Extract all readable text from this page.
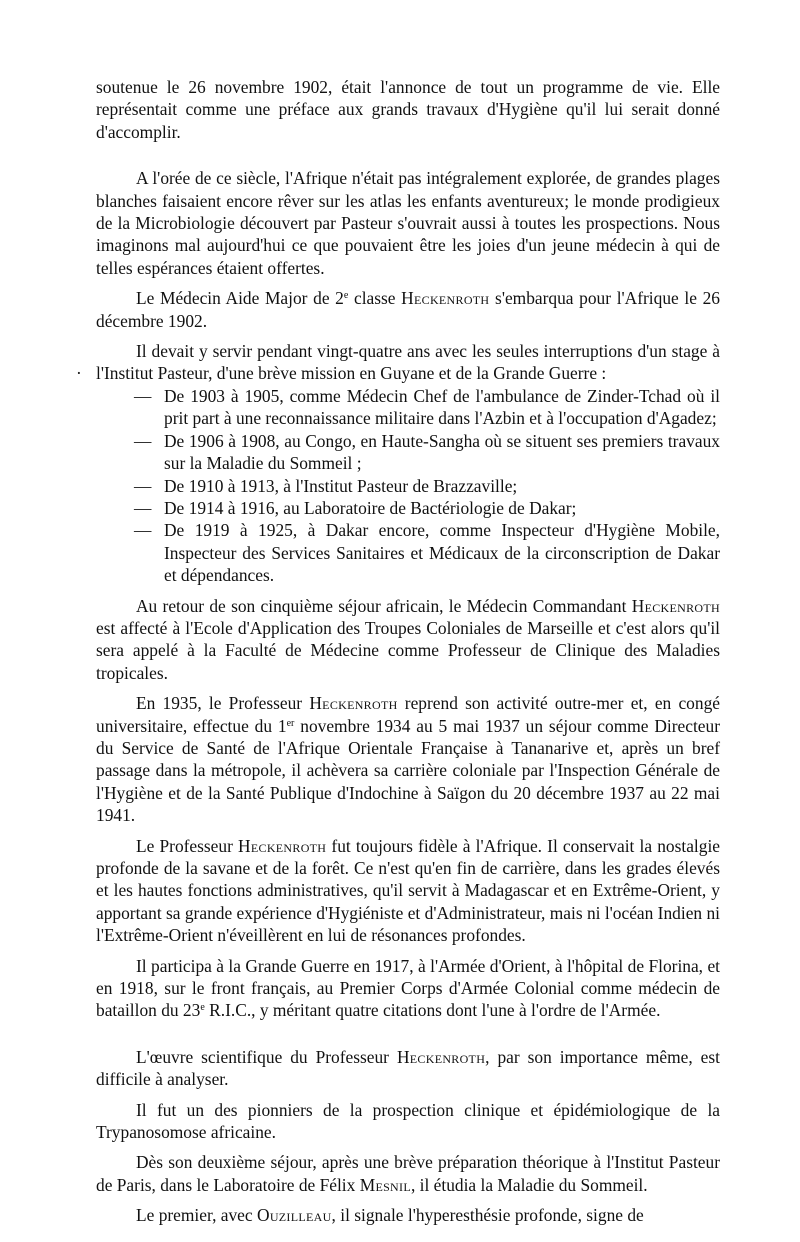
soutenue le 26 novembre 1902, était l'annonce de tout un programme de vie. Elle représentait comme une préface aux grands travaux d'Hygiène qu'il lui serait donné d'accomplir.

A l'orée de ce siècle, l'Afrique n'était pas intégralement explorée, de grandes plages blanches faisaient encore rêver sur les atlas les enfants aventureux; le monde prodigieux de la Microbiologie découvert par Pasteur s'ouvrait aussi à toutes les prospections. Nous imaginons mal aujourd'hui ce que pouvaient être les joies d'un jeune médecin à qui de telles espérances étaient offertes.

Le Médecin Aide Major de 2e classe Heckenroth s'embarqua pour l'Afrique le 26 décembre 1902.

Il devait y servir pendant vingt-quatre ans avec les seules interruptions d'un stage à l'Institut Pasteur, d'une brève mission en Guyane et de la Grande Guerre :

— De 1903 à 1905, comme Médecin Chef de l'ambulance de Zinder-Tchad où il prit part à une reconnaissance militaire dans l'Azbin et à l'occupation d'Agadez;
— De 1906 à 1908, au Congo, en Haute-Sangha où se situent ses premiers travaux sur la Maladie du Sommeil ;
— De 1910 à 1913, à l'Institut Pasteur de Brazzaville;
— De 1914 à 1916, au Laboratoire de Bactériologie de Dakar;
— De 1919 à 1925, à Dakar encore, comme Inspecteur d'Hygiène Mobile, Inspecteur des Services Sanitaires et Médicaux de la circonscription de Dakar et dépendances.

Au retour de son cinquième séjour africain, le Médecin Commandant Heckenroth est affecté à l'Ecole d'Application des Troupes Coloniales de Marseille et c'est alors qu'il sera appelé à la Faculté de Médecine comme Professeur de Clinique des Maladies tropicales.

En 1935, le Professeur Heckenroth reprend son activité outre-mer et, en congé universitaire, effectue du 1er novembre 1934 au 5 mai 1937 un séjour comme Directeur du Service de Santé de l'Afrique Orientale Française à Tananarive et, après un bref passage dans la métropole, il achèvera sa carrière coloniale par l'Inspection Générale de l'Hygiène et de la Santé Publique d'Indochine à Saïgon du 20 décembre 1937 au 22 mai 1941.

Le Professeur Heckenroth fut toujours fidèle à l'Afrique. Il conservait la nostalgie profonde de la savane et de la forêt. Ce n'est qu'en fin de carrière, dans les grades élevés et les hautes fonctions administratives, qu'il servit à Madagascar et en Extrême-Orient, y apportant sa grande expérience d'Hygiéniste et d'Administrateur, mais ni l'océan Indien ni l'Extrême-Orient n'éveillèrent en lui de résonances profondes.

Il participa à la Grande Guerre en 1917, à l'Armée d'Orient, à l'hôpital de Florina, et en 1918, sur le front français, au Premier Corps d'Armée Colonial comme médecin de bataillon du 23e R.I.C., y méritant quatre citations dont l'une à l'ordre de l'Armée.

L'œuvre scientifique du Professeur Heckenroth, par son importance même, est difficile à analyser.

Il fut un des pionniers de la prospection clinique et épidémiologique de la Trypanosomose africaine.

Dès son deuxième séjour, après une brève préparation théorique à l'Institut Pasteur de Paris, dans le Laboratoire de Félix Mesnil, il étudia la Maladie du Sommeil.

Le premier, avec Ouzilleau, il signale l'hyperesthésie profonde, signe de

·
